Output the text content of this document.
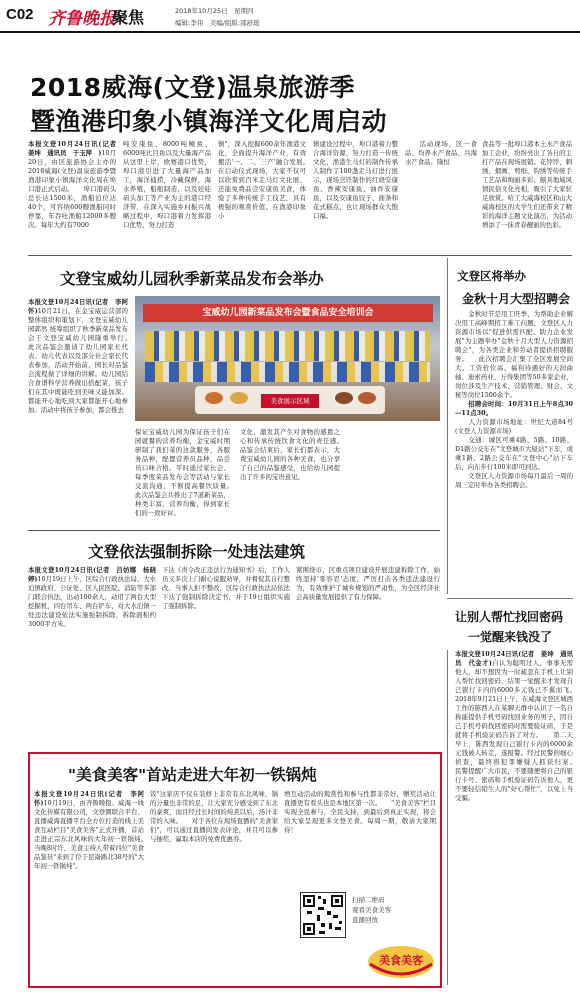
C02 齐鲁晚报
聚焦	2018年10月25日　星期四
编辑:李伟　美编/组版:邵舒珽
2018威海(文登)温泉旅游季
暨渔港印象小镇海洋文化周启动
本报文登10月24日讯(记者　姜坤　通讯员　于玉萍　)10月20日，由区旅游协会主办的2018威海(文登)温泉旅游季暨渔港印象小镇海洋文化周在埠口港正式启动。　　埠口港码头总长达1500米，渔船泊位达40个，可容纳600艘渔船同时停靠，年吞吐渔船12000多艘次。每年大约有7000
吨安康鱼、8000吨鲍鱼、6000吨比目鱼以及大量海产品从这里上岸，欧赛港口优势，埠口港引进了大量海产品加工，海洋捕捞，冷藏保鲜，海水养殖，船舶制造，以及娃娃码头加工等产业为主的港口经济带，在深入实施乡村振兴战略过程中，埠口港着力发挥港口优势，努力打造
镇"，深入挖掘600余年渔港文化，全面提升海洋产业，有效搬活'一、二、三产'融合发展。　　在启动仪式现场，大家不仅可以欣赏到百米走马灯文化展、还能免费品尝安康鱼美食，体验了多种传统手工技艺，具有极强的观赏价值。在渔港印象小
镇建设过程中，埠口港着力整合海洋资源，努力打造一传统文化，渔港生马灯的制作传承人制作了100盏走马灯进行展示，现场烹饪制作的红烧安康鱼、香辣安康鱼、油炸安康鱼，以及安康鱼饺子、面条和花式糕点，也让现场群众大饱口福。
　　活动现场，区一食品、均养水产食品、兴海水产食品、隆恒
食品等一批埠口港本土水产食品加工企业，纷纷亮出了各自的主打产品在现场展销。花饽饽、刺绣、烟画、剪纸、钩绣等传统手工艺品和绚丽多彩、颇具地域风情民俗文化亮相，吸引了大家驻足欣赏。哈工大威海校区和山大威海校区的大学生们还带来了精彩的海洋主题文化演出，为活动增添了一抹青春靓丽的色彩。
文登宝威幼儿园秋季新菜品发布会举办
本报文登10月24日讯(记者　李阿怀)10月21日，在金宝威运营部的整体组织和策划下，文登宝威幼儿园郭然 统筹组织了秋季新菜品发布会于文登宝威幼儿园隆重举行。　　此次品鉴会邀请了幼儿园家长代表、幼儿代表以及部分社会家长代表参加，活动开始前，园长对品鉴会流程做了详细的讲解。幼儿园结合食谱科学营养做出搭配菜，孩子们在其中既能吃到美味又能加深。都能开心地吃到大家都能开心地参加。活动中将孩子参加，都会推去
宝威幼儿园新菜品发布会暨食品安全培训会
美食展示区域
保证宝威幼儿园为保证孩子们在园就餐的营养均衡，金宝威时期研制了我们菜的这款服务，各服务品种，配置营养员品种，品尝员口味合格。平时通过家长会、每季度菜品发布会等活动与家长交流沟通，不断提高餐饮质量。　　此次品鉴会共推出了7道新菜品，种类丰富，营养均衡，得到家长们的一致好评。
文化，激发其产生对食物的感恩之心和传承传统饮食文化的责任感。　　品鉴会结束后，家长们都表示，大费宝威幼儿园的各种美食，也分享了自己的品鉴感受，也给幼儿园提出了许多的宝贵意见。
文登区将举办
金秋十月大型招聘会
　　金秋时节是用工旺季，为帮助企业解决用工高峰期招工难工问题，文登区人力资源市场以"促进供需匹配、助力企业发展"为主题举办"金秋十月大型人力资源招聘会"，为各类企业和劳动者提供招聘服务。　　此次招聘会汇集了全区发展空间大、工资价位高、福利待遇好的天润曲轴、迪索药业、万得集团等50多家企业，岗位涉及生产技术、营销管理、财会、文秘等岗位1500余个。
　　招聘会时间：10月31日上午8点30—11点30。
　　人力资源市场地址：世纪大道84号(文登人力资源市场)
　　交通：城区可乘4路、5路、10路、D1路公交车在"文登城市大厦站"下车，或乘1路、2路公交车在"文登中心"站下车后，向东步行100米即可到达。
　　文登区人力资源市场每月最后一周的周三定时举办各类招聘会。
文登依法强制拆除一处违法建筑
本报文登10月24日讯(记者　吕妨娜　杨晓婷)10月19日上午，区综合行政执法局、大水泊镇政府、公证处、区人民医院、消防等多部门联合执法，出动100余人，动用了两台大型挖掘机，四台吊车、两台铲车，对大水泊镇一处违法建设依法实施强制拆除，拆除面积约3000平方米。
下达《责令改正违法行为通知书》后，工作人员又多次上门耐心说服劝导，并督促其自行整改。当事人拒不整改，区综合行政执法局依法下达了强制拆除决定书，并于19日组织实施了强制拆除。
紧围绕市、区重点项目建设开展违建拆除工作，始终坚持'零容忍'态度，严厉打击各类违法建设行为，有效维护了城乡规划的严肃性，为全区经济社会高质量发展提供了有力保障。
让别人帮忙找回密码
一觉醒来钱没了
本报文登10月24日讯(记者　姜坤　通讯员　代金才)自认为聪明过人，事事无需他人，却不想因为一时疏忽在手机上让别人帮忙找回密码，结果一觉醒来才发现自己银行卡内的6000多元钱已不翼而飞。　　2018年9月21日上午，在威海文登区城西工作的陈西人在某聊天群中认识了一名自称能提供手机号码找回业务的男子，因自己手机号码找回密码时需要验证码，于是就将手机验证码告诉了对方。　　第二天早上，陈西发现自己银行卡内的6000余元钱被人转走，遂报警。经过民警的细心侦查，最终将犯罪嫌疑人抓获归案。　　民警提醒广大市民，不要随便将自己的银行卡号、密码和手机验证码告诉他人，更不要轻信陌生人的"好心帮忙"，以免上当受骗。
"美食美客"首站走进大年初一铁锅炖
本报文登10月24日讯(记者　李阿怀)10月19日，由齐鲁晚报、威海一线文化传媒有限公司，文登圈联合平台、直播威海直播平台全方位打造的线上美食互动栏目"美食美客"正式开播，首站走进正宗东北风味的大年初一铁锅炖。　　当晚8时许，美食主持人带着四位"美食品鉴员"来到了位于昆嵛路北38号的"大年初一铁锅炖"。
饭"这家店不仅在装修上非常有东北风味，锅的分量也非常的足，让大家充分感受到了东北的豪爽，而且经过长时间的炖煮以后，汤汁非常的入味。　　对于各位在现场直播的"美食家们"，可以通过直播间发表评论，并且可以参与抽奖，赢取本店的免费优惠券。
增互动活动的观赏性和参与性都非常好，赠奖活动让直播更有看头也是本地区第一次。　　"美食美客"栏目实现全民参与，全民支持，到最后到真正实现，将会给大家呈现更多文登美食。每周一期，敬请大家期待！
扫描二维码
观看美食美客
直播回放
美食美客
